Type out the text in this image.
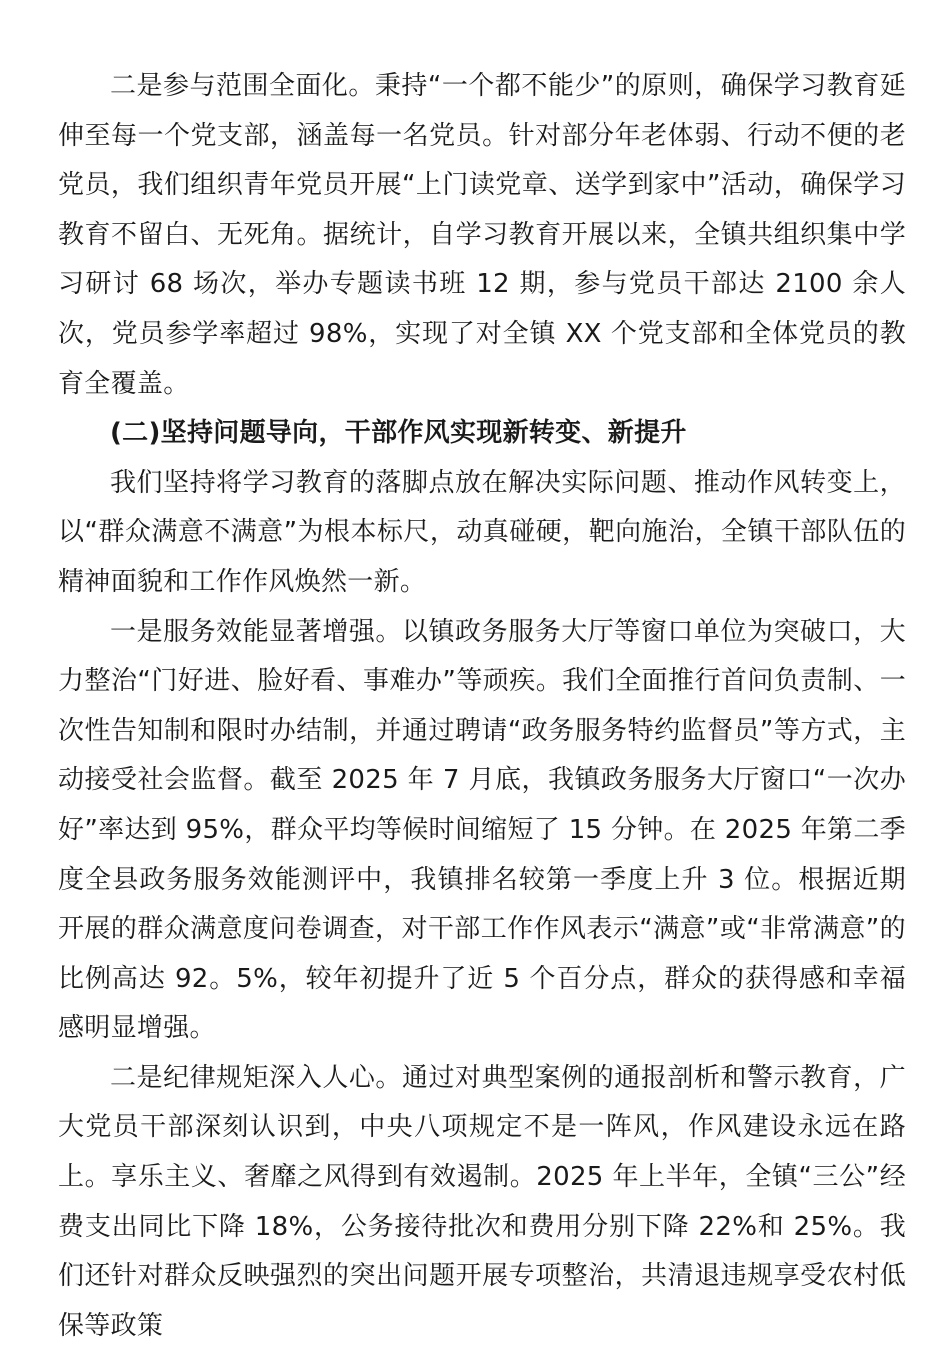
二是参与范围全面化。秉持“一个都不能少”的原则，确保学习教育延伸至每一个党支部，涵盖每一名党员。针对部分年老体弱、行动不便的老党员，我们组织青年党员开展“上门读党章、送学到家中”活动，确保学习教育不留白、无死角。据统计，自学习教育开展以来，全镇共组织集中学习研讨 68 场次，举办专题读书班 12 期，参与党员干部达 2100 余人次，党员参学率超过 98%，实现了对全镇 XX 个党支部和全体党员的教育全覆盖。

(二)坚持问题导向，干部作风实现新转变、新提升

我们坚持将学习教育的落脚点放在解决实际问题、推动作风转变上，以“群众满意不满意”为根本标尺，动真碰硬，靶向施治，全镇干部队伍的精神面貌和工作作风焕然一新。

一是服务效能显著增强。以镇政务服务大厅等窗口单位为突破口，大力整治“门好进、脸好看、事难办”等顽疾。我们全面推行首问负责制、一次性告知制和限时办结制，并通过聘请“政务服务特约监督员”等方式，主动接受社会监督。截至 2025 年 7 月底，我镇政务服务大厅窗口“一次办好”率达到 95%，群众平均等候时间缩短了 15 分钟。在 2025 年第二季度全县政务服务效能测评中，我镇排名较第一季度上升 3 位。根据近期开展的群众满意度问卷调查，对干部工作作风表示“满意”或“非常满意”的比例高达 92。5%，较年初提升了近 5 个百分点，群众的获得感和幸福感明显增强。

二是纪律规矩深入人心。通过对典型案例的通报剖析和警示教育，广大党员干部深刻认识到，中央八项规定不是一阵风，作风建设永远在路上。享乐主义、奢靡之风得到有效遏制。2025 年上半年，全镇“三公”经费支出同比下降 18%，公务接待批次和费用分别下降 22%和 25%。我们还针对群众反映强烈的突出问题开展专项整治，共清退违规享受农村低保等政策
